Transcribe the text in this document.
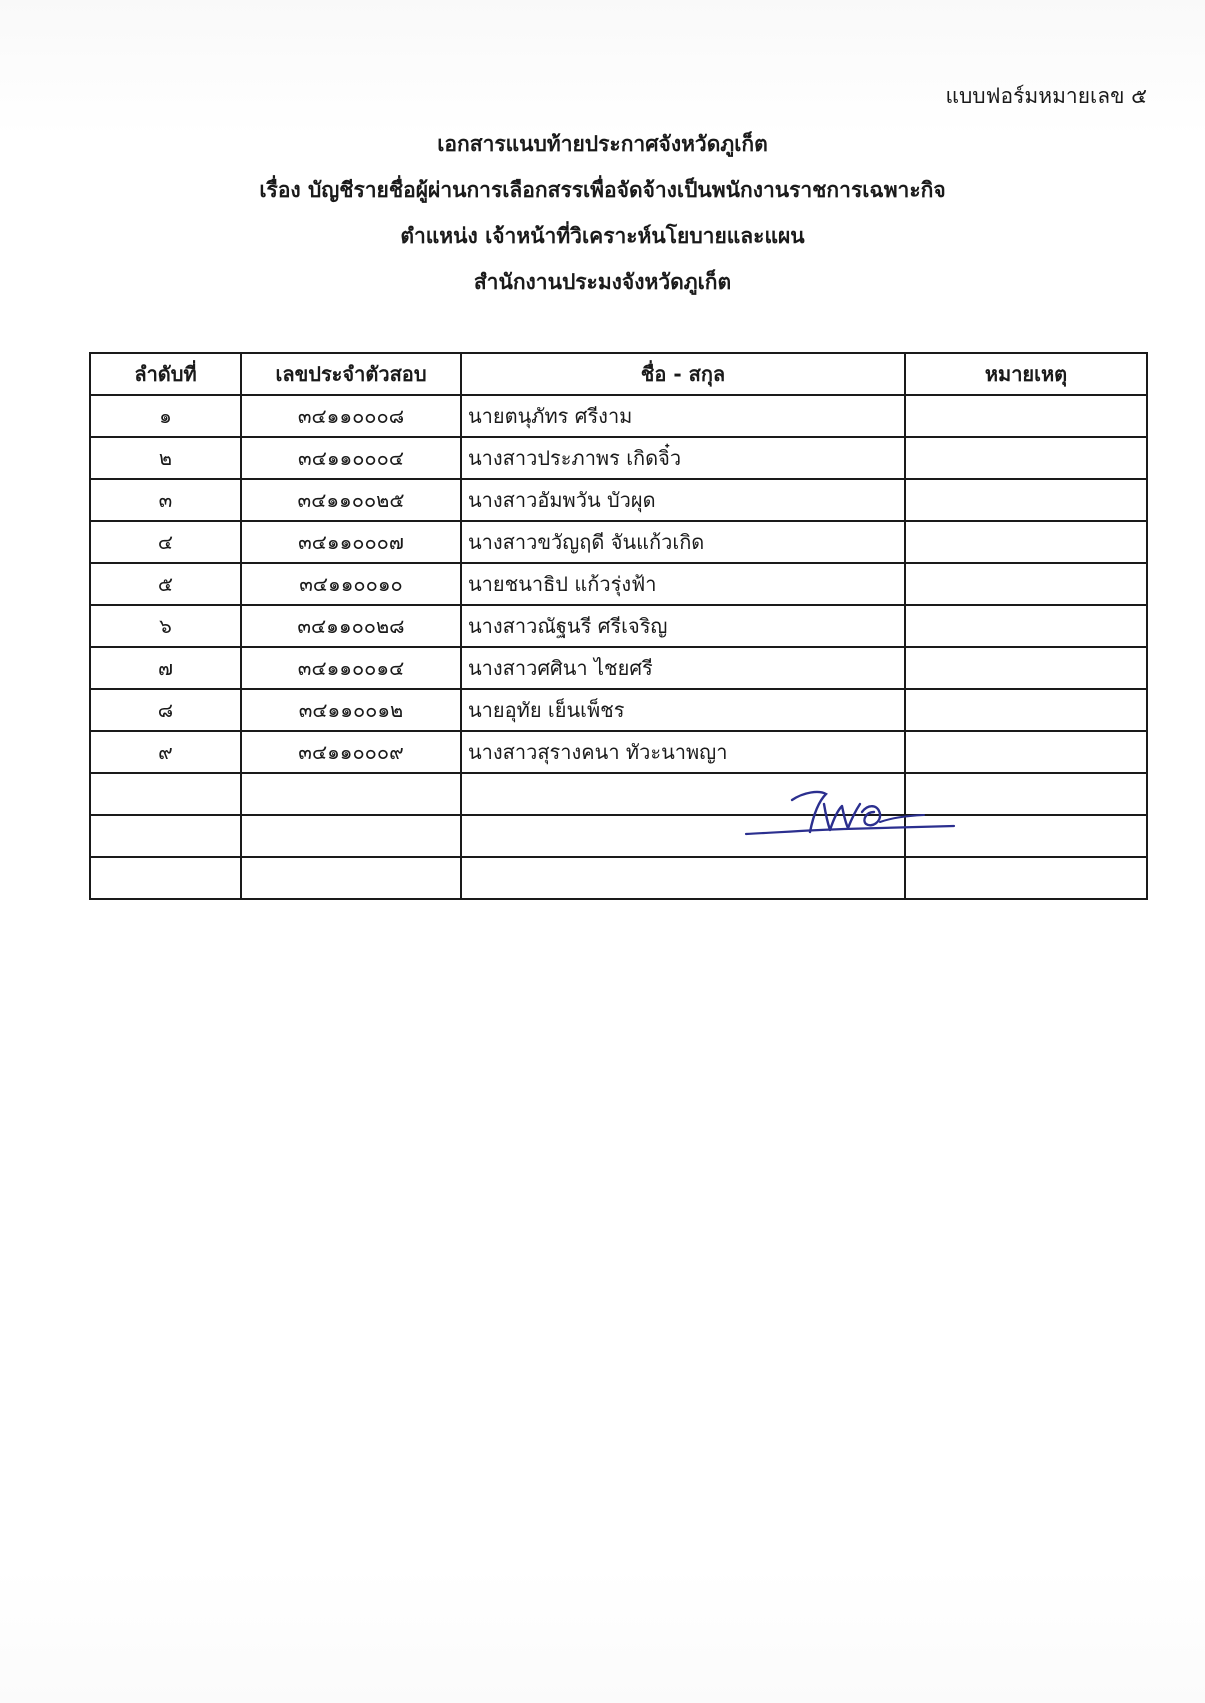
แบบฟอร์มหมายเลข ๕
เอกสารแนบท้ายประกาศจังหวัดภูเก็ต
เรื่อง บัญชีรายชื่อผู้ผ่านการเลือกสรรเพื่อจัดจ้างเป็นพนักงานราชการเฉพาะกิจ
ตำแหน่ง เจ้าหน้าที่วิเคราะห์นโยบายและแผน
สำนักงานประมงจังหวัดภูเก็ต
ลำดับที่	เลขประจำตัวสอบ	ชื่อ - สกุล	หมายเหตุ
๑	๓๔๑๑๐๐๐๘	นายตนุภัทร ศรีงาม	
๒	๓๔๑๑๐๐๐๔	นางสาวประภาพร เกิดจิ๋ว	
๓	๓๔๑๑๐๐๒๕	นางสาวอัมพวัน บัวผุด	
๔	๓๔๑๑๐๐๐๗	นางสาวขวัญฤดี จันแก้วเกิด	
๕	๓๔๑๑๐๐๑๐	นายชนาธิป แก้วรุ่งฟ้า	
๖	๓๔๑๑๐๐๒๘	นางสาวณัฐนรี ศรีเจริญ	
๗	๓๔๑๑๐๐๑๔	นางสาวศศินา ไชยศรี	
๘	๓๔๑๑๐๐๑๒	นายอุทัย เย็นเพ็ชร	
๙	๓๔๑๑๐๐๐๙	นางสาวสุรางคนา ทัวะนาพญา	
